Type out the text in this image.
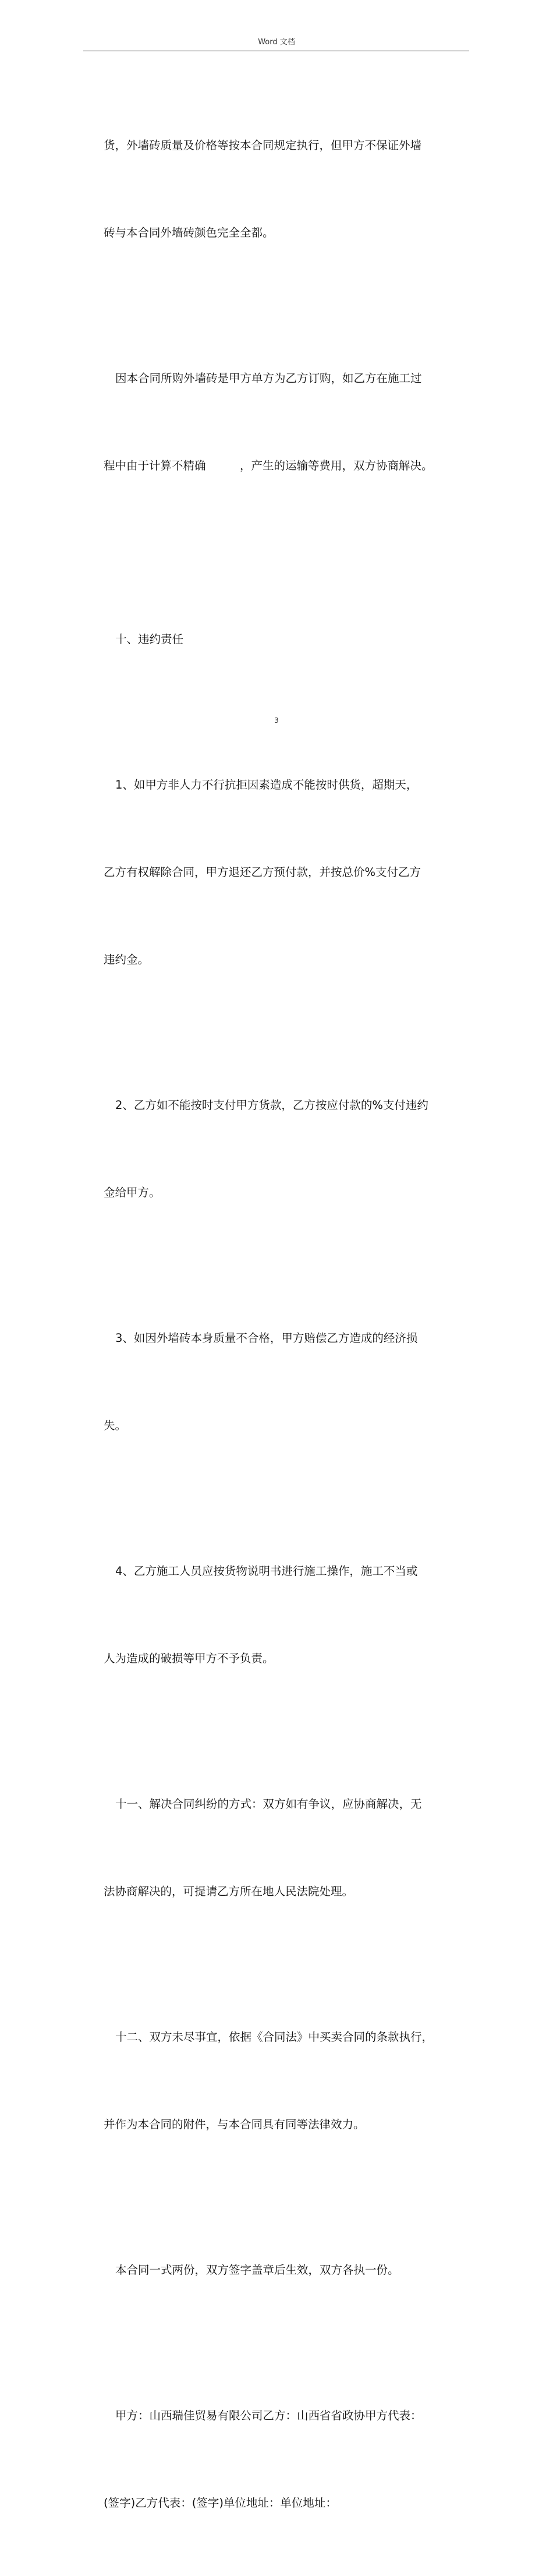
Word 文档

货，外墙砖质量及价格等按本合同规定执行，但甲方不保证外墙

砖与本合同外墙砖颜色完全全都。

因本合同所购外墙砖是甲方单方为乙方订购，如乙方在施工过

程中由于计算不精确　　　，产生的运输等费用，双方协商解决。

十、违约责任

1、如甲方非人力不行抗拒因素造成不能按时供货，超期天，

乙方有权解除合同，甲方退还乙方预付款，并按总价%支付乙方

违约金。

2、乙方如不能按时支付甲方货款，乙方按应付款的%支付违约

金给甲方。

3、如因外墙砖本身质量不合格，甲方赔偿乙方造成的经济损

失。

4、乙方施工人员应按货物说明书进行施工操作，施工不当或

人为造成的破损等甲方不予负责。

十一、解决合同纠纷的方式：双方如有争议，应协商解决，无

法协商解决的，可提请乙方所在地人民法院处理。

十二、双方未尽事宜，依据《合同法》中买卖合同的条款执行，

并作为本合同的附件，与本合同具有同等法律效力。

本合同一式两份，双方签字盖章后生效，双方各执一份。

甲方：山西瑞佳贸易有限公司乙方：山西省省政协甲方代表：

(签字)乙方代表：(签字)单位地址：单位地址：

3
